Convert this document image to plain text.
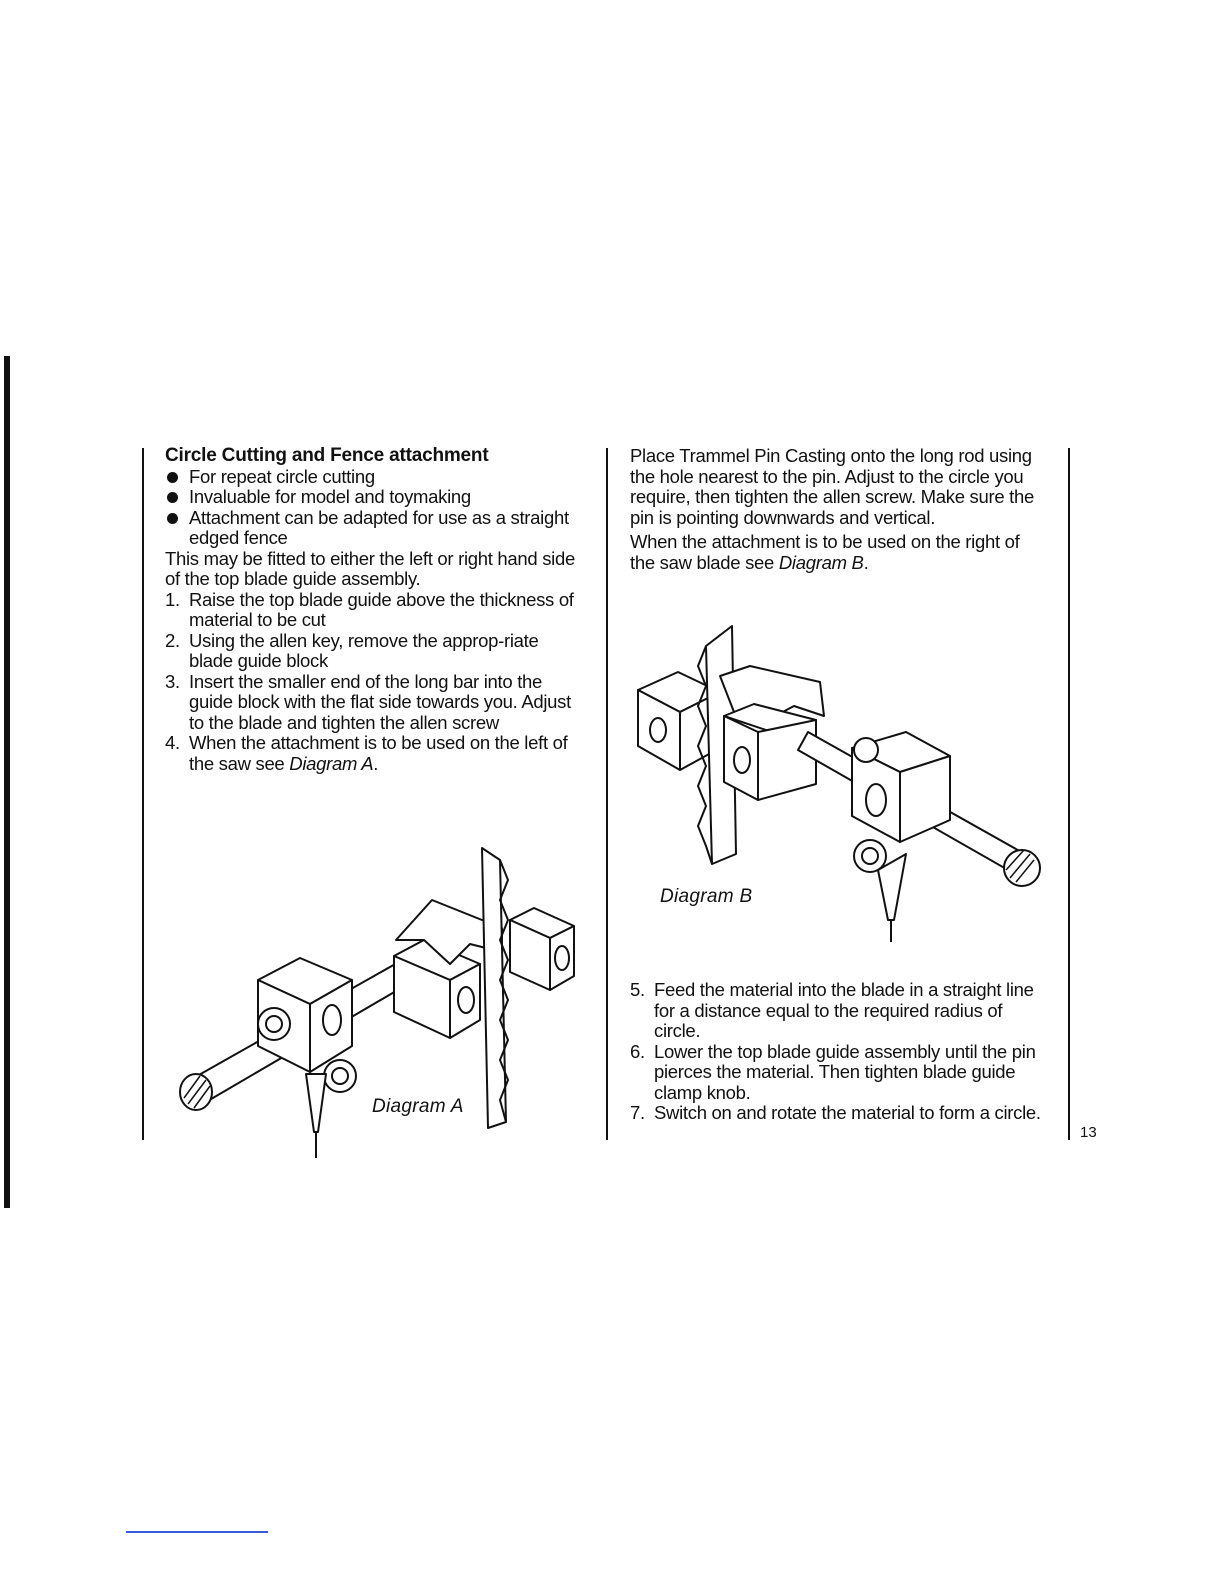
Circle Cutting and Fence attachment

For repeat circle cutting

Invaluable for model and toymaking

Attachment can be adapted for use as a straight edged fence

This may be fitted to either the left or right hand side of the top blade guide assembly.

1. Raise the top blade guide above the thickness of material to be cut

2. Using the allen key, remove the approp-riate blade guide block

3. Insert the smaller end of the long bar into the guide block with the flat side towards you. Adjust to the blade and tighten the allen screw

4. When the attachment is to be used on the left of the saw see Diagram A.

Diagram A

Place Trammel Pin Casting onto the long rod using the hole nearest to the pin. Adjust to the circle you require, then tighten the allen screw. Make sure the pin is pointing downwards and vertical.

When the attachment is to be used on the right of the saw blade see Diagram B.

Diagram B

5. Feed the material into the blade in a straight line for a distance equal to the required radius of circle.

6. Lower the top blade guide assembly until the pin pierces the material. Then tighten blade guide clamp knob.

7. Switch on and rotate the material to form a circle.

13
